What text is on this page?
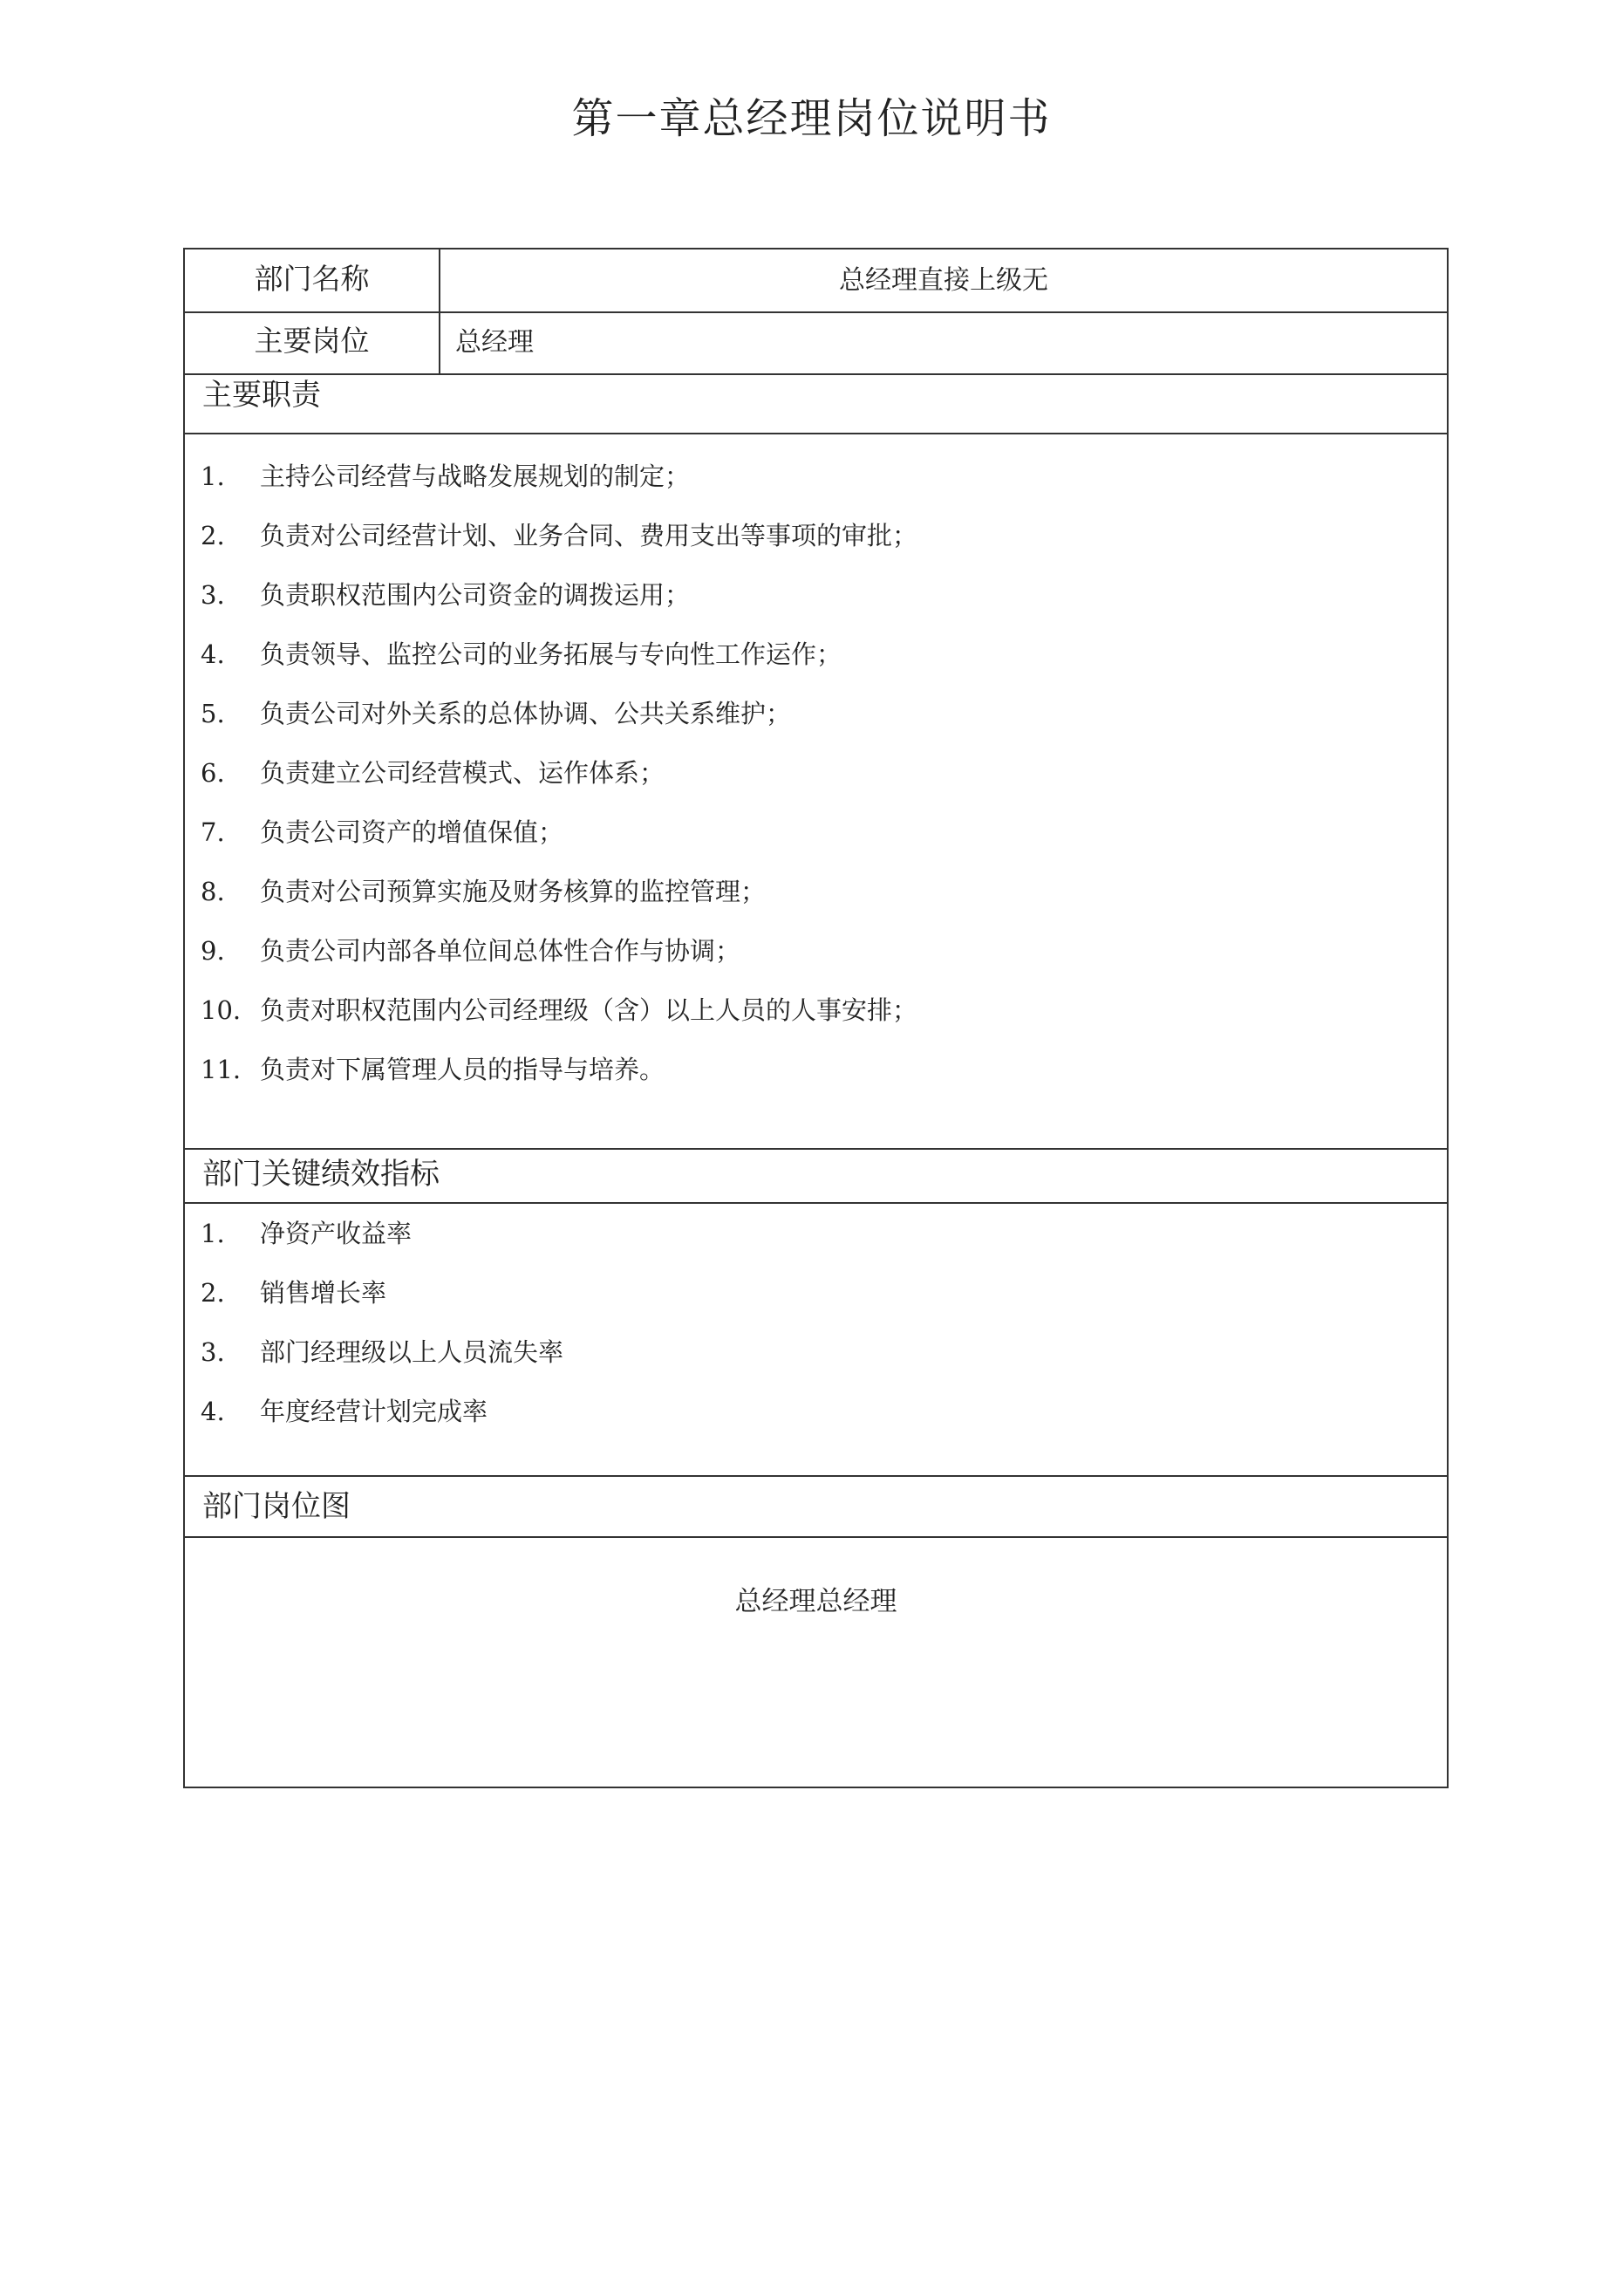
第一章总经理岗位说明书
部门名称	总经理直接上级无
主要岗位	总经理
主要职责
1.	主持公司经营与战略发展规划的制定；
2.	负责对公司经营计划、业务合同、费用支出等事项的审批；
3.	负责职权范围内公司资金的调拨运用；
4.	负责领导、监控公司的业务拓展与专向性工作运作；
5.	负责公司对外关系的总体协调、公共关系维护；
6.	负责建立公司经营模式、运作体系；
7.	负责公司资产的增值保值；
8.	负责对公司预算实施及财务核算的监控管理；
9.	负责公司内部各单位间总体性合作与协调；
10. 负责对职权范围内公司经理级（含）以上人员的人事安排；
11. 负责对下属管理人员的指导与培养。
部门关键绩效指标
1.	净资产收益率
2.	销售增长率
3.	部门经理级以上人员流失率
4.	年度经营计划完成率
部门岗位图
总经理总经理
